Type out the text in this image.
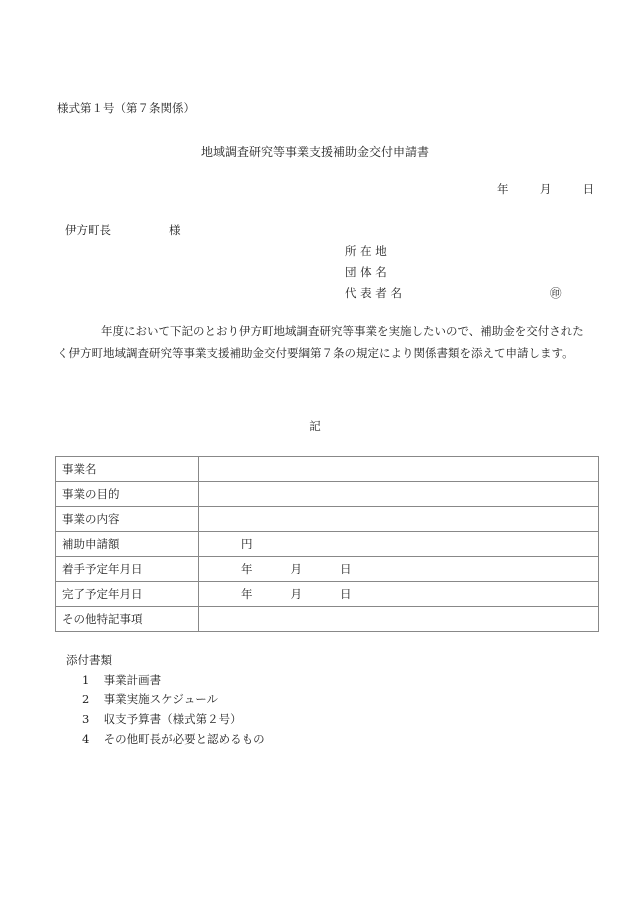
様式第１号（第７条関係）
地域調査研究等事業支援補助金交付申請書
年	月	日
伊方町長	様
所 在 地
団 体 名
代 表 者 名	㊞
年度において下記のとおり伊方町地域調査研究等事業を実施したいので、補助金を交付されたく伊方町地域調査研究等事業支援補助金交付要綱第７条の規定により関係書類を添えて申請します。
記
事業名	
事業の目的	
事業の内容	
補助申請額	円
着手予定年月日	年 月 日
完了予定年月日	年 月 日
その他特記事項	
添付書類
1 事業計画書
2 事業実施スケジュール
3 収支予算書（様式第２号）
4 その他町長が必要と認めるもの
